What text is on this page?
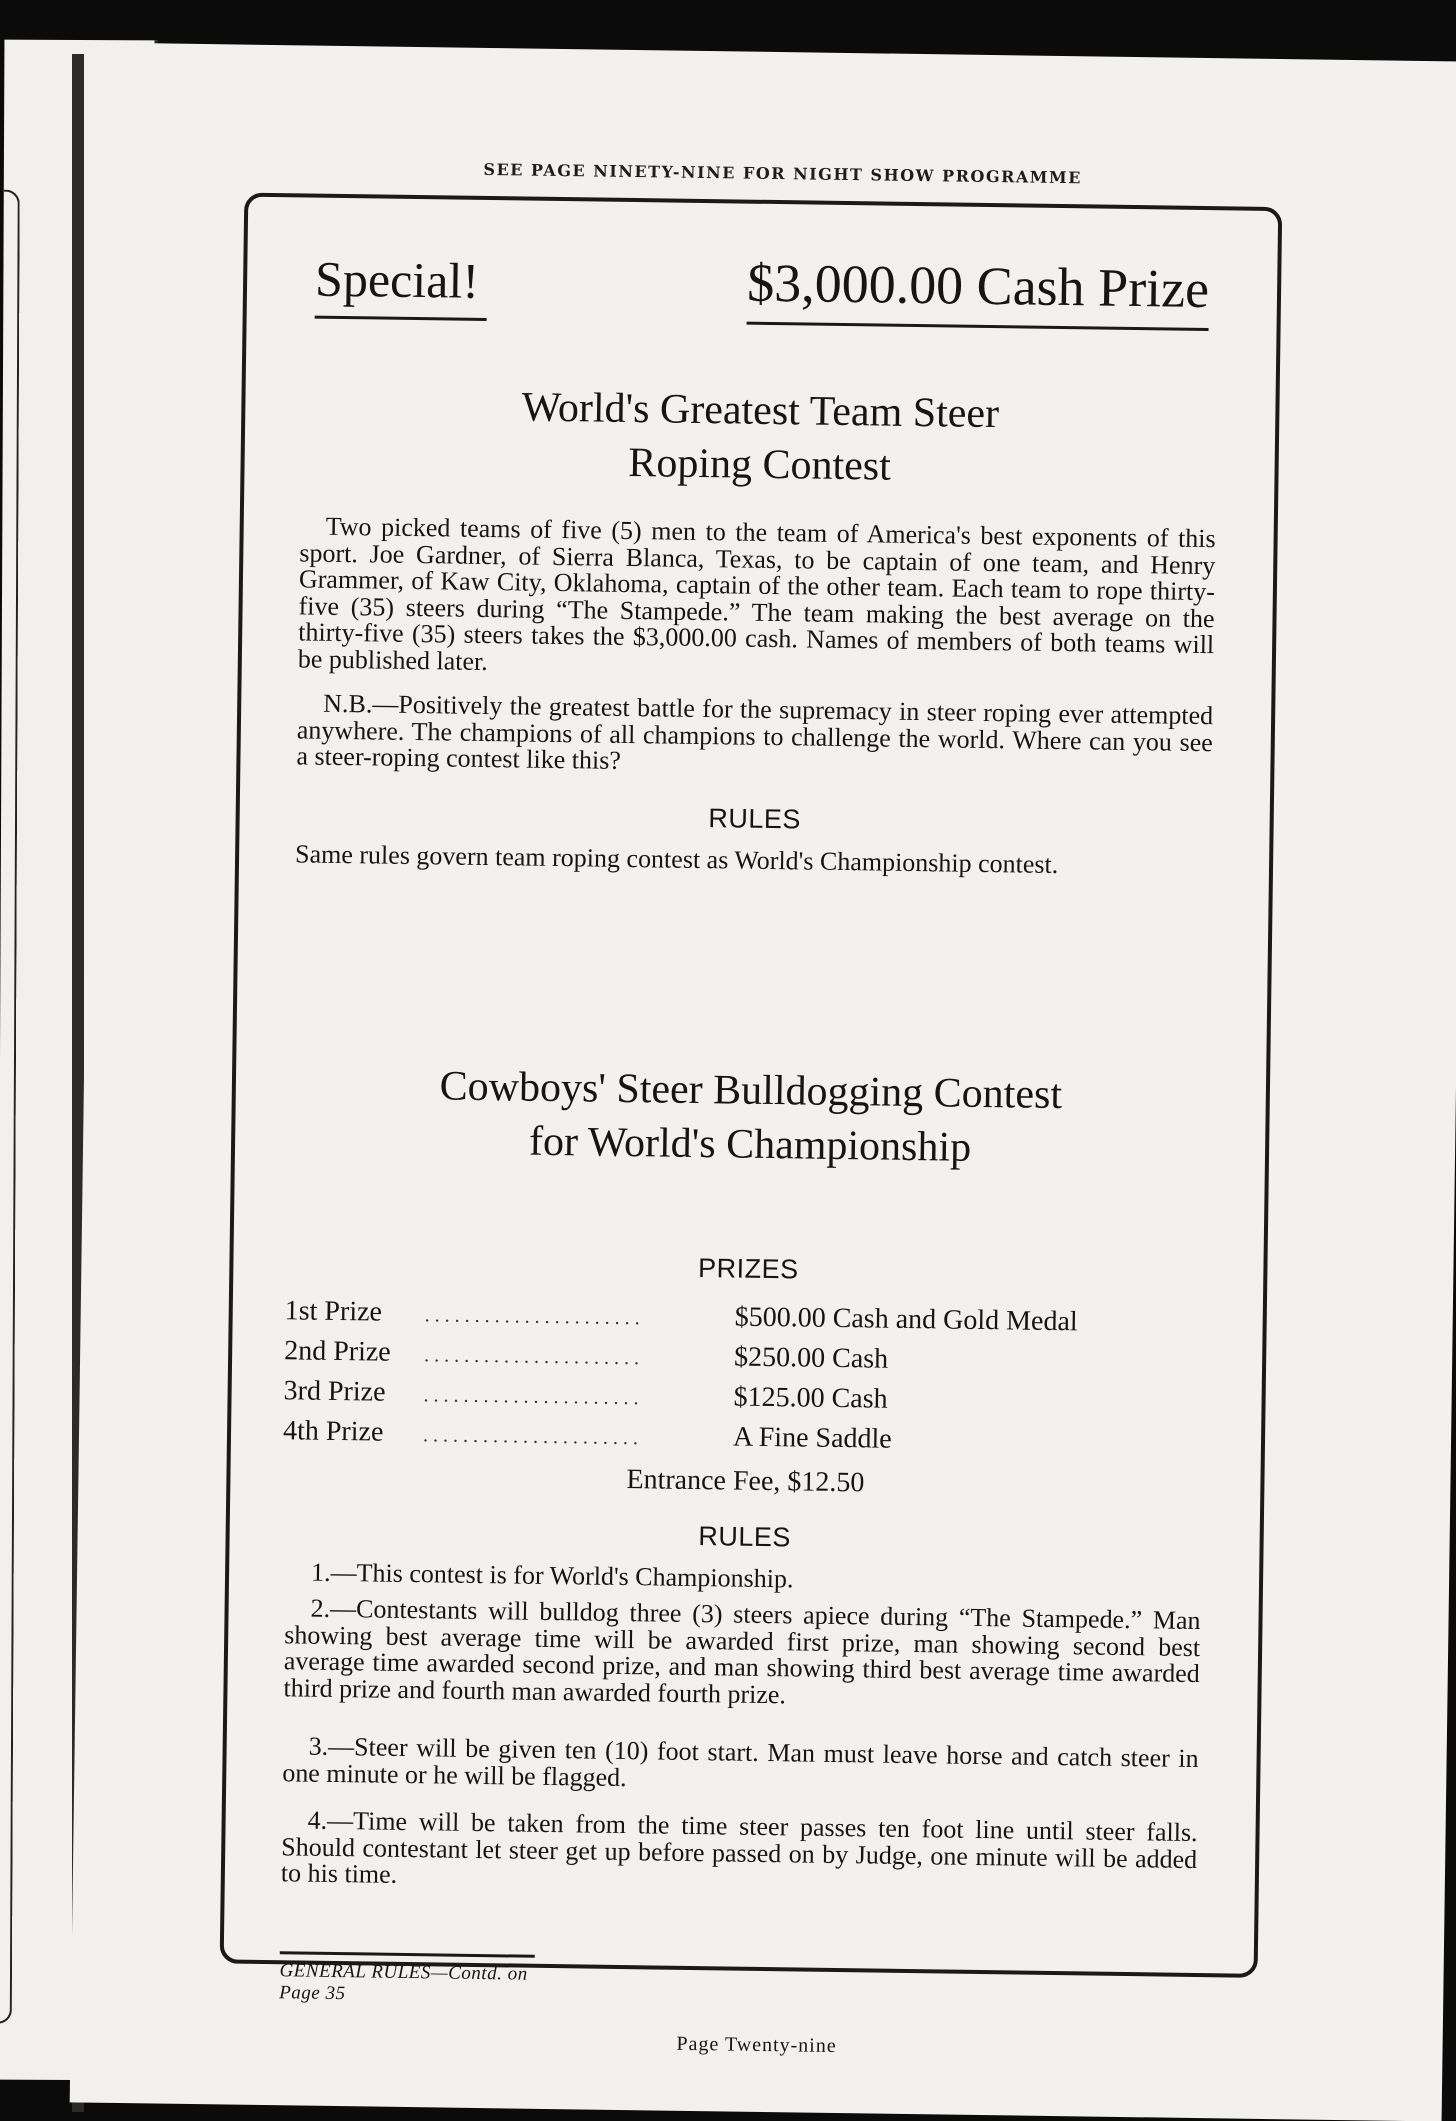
SEE PAGE NINETY-NINE FOR NIGHT SHOW PROGRAMME
Special!	$3,000.00 Cash Prize
World's Greatest Team Steer
Roping Contest
Two picked teams of five (5) men to the team of America's best exponents of this sport. Joe Gardner, of Sierra Blanca, Texas, to be captain of one team, and Henry Grammer, of Kaw City, Oklahoma, captain of the other team. Each team to rope thirty-five (35) steers during “The Stampede.” The team making the best average on the thirty-five (35) steers takes the $3,000.00 cash. Names of members of both teams will be published later.
N.B.—Positively the greatest battle for the supremacy in steer roping ever attempted anywhere. The champions of all champions to challenge the world. Where can you see a steer-roping contest like this?
RULES
Same rules govern team roping contest as World's Championship contest.
Cowboys' Steer Bulldogging Contest
for World's Championship
PRIZES
1st Prize	......................	$500.00 Cash and Gold Medal
2nd Prize	......................	$250.00 Cash
3rd Prize	......................	$125.00 Cash
4th Prize	......................	A Fine Saddle
Entrance Fee, $12.50
RULES
1.—This contest is for World's Championship.
2.—Contestants will bulldog three (3) steers apiece during “The Stampede.” Man showing best average time will be awarded first prize, man showing second best average time awarded second prize, and man showing third best average time awarded third prize and fourth man awarded fourth prize.
3.—Steer will be given ten (10) foot start. Man must leave horse and catch steer in one minute or he will be flagged.
4.—Time will be taken from the time steer passes ten foot line until steer falls. Should contestant let steer get up before passed on by Judge, one minute will be added to his time.
GENERAL RULES—Contd. on Page 35
Page Twenty-nine
